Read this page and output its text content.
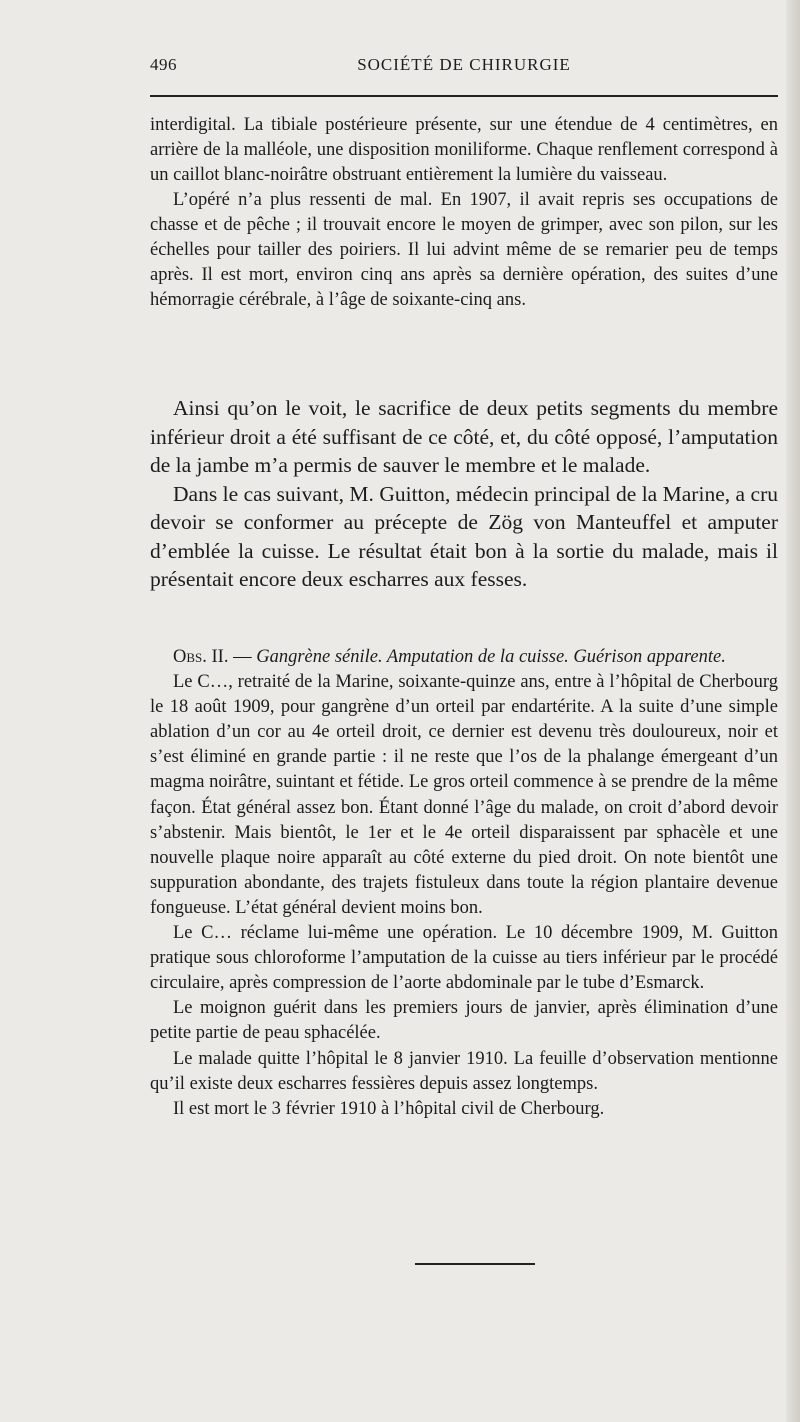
496	SOCIÉTÉ DE CHIRURGIE

interdigital. La tibiale postérieure présente, sur une étendue de 4 centimètres, en arrière de la malléole, une disposition moniliforme. Chaque renflement correspond à un caillot blanc-noirâtre obstruant entièrement la lumière du vaisseau.

L’opéré n’a plus ressenti de mal. En 1907, il avait repris ses occupations de chasse et de pêche ; il trouvait encore le moyen de grimper, avec son pilon, sur les échelles pour tailler des poiriers. Il lui advint même de se remarier peu de temps après. Il est mort, environ cinq ans après sa dernière opération, des suites d’une hémorragie cérébrale, à l’âge de soixante-cinq ans.

Ainsi qu’on le voit, le sacrifice de deux petits segments du membre inférieur droit a été suffisant de ce côté, et, du côté opposé, l’amputation de la jambe m’a permis de sauver le membre et le malade.

Dans le cas suivant, M. Guitton, médecin principal de la Marine, a cru devoir se conformer au précepte de Zög von Manteuffel et amputer d’emblée la cuisse. Le résultat était bon à la sortie du malade, mais il présentait encore deux escharres aux fesses.

Obs. II. — Gangrène sénile. Amputation de la cuisse. Guérison apparente.

Le C…, retraité de la Marine, soixante-quinze ans, entre à l’hôpital de Cherbourg le 18 août 1909, pour gangrène d’un orteil par endartérite. A la suite d’une simple ablation d’un cor au 4e orteil droit, ce dernier est devenu très douloureux, noir et s’est éliminé en grande partie : il ne reste que l’os de la phalange émergeant d’un magma noirâtre, suintant et fétide. Le gros orteil commence à se prendre de la même façon. État général assez bon. Étant donné l’âge du malade, on croit d’abord devoir s’abstenir. Mais bientôt, le 1er et le 4e orteil disparaissent par sphacèle et une nouvelle plaque noire apparaît au côté externe du pied droit. On note bientôt une suppuration abondante, des trajets fistuleux dans toute la région plantaire devenue fongueuse. L’état général devient moins bon.

Le C… réclame lui-même une opération. Le 10 décembre 1909, M. Guitton pratique sous chloroforme l’amputation de la cuisse au tiers inférieur par le procédé circulaire, après compression de l’aorte abdominale par le tube d’Esmarck.

Le moignon guérit dans les premiers jours de janvier, après élimination d’une petite partie de peau sphacélée.

Le malade quitte l’hôpital le 8 janvier 1910. La feuille d’observation mentionne qu’il existe deux escharres fessières depuis assez longtemps.

Il est mort le 3 février 1910 à l’hôpital civil de Cherbourg.
